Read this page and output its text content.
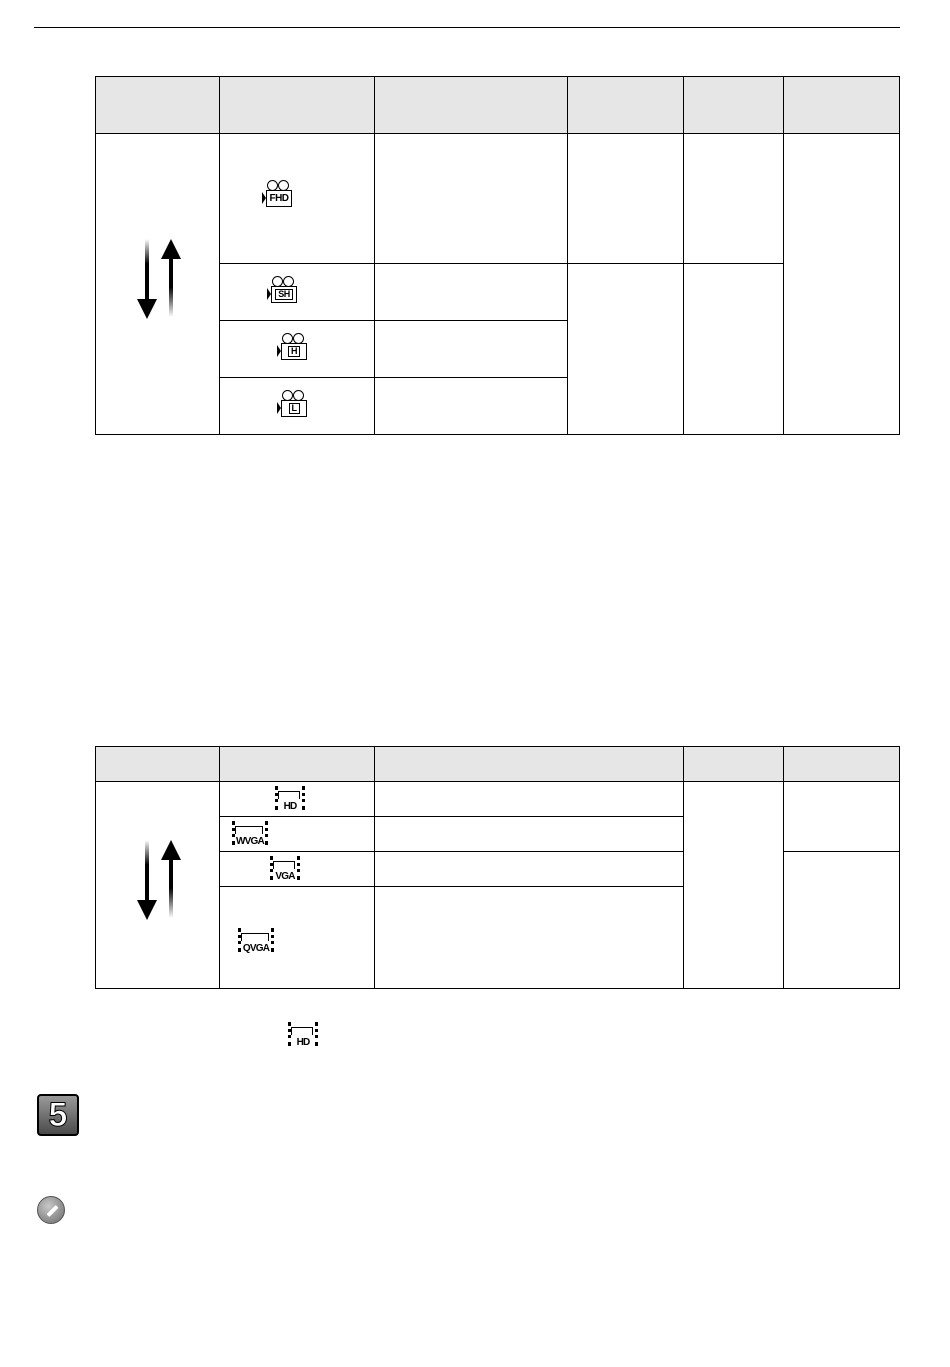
	FHD				

	SH				

	H				

	L				

	HD			

	WVGA			

	VGA			

	QVGA			

HD
5
